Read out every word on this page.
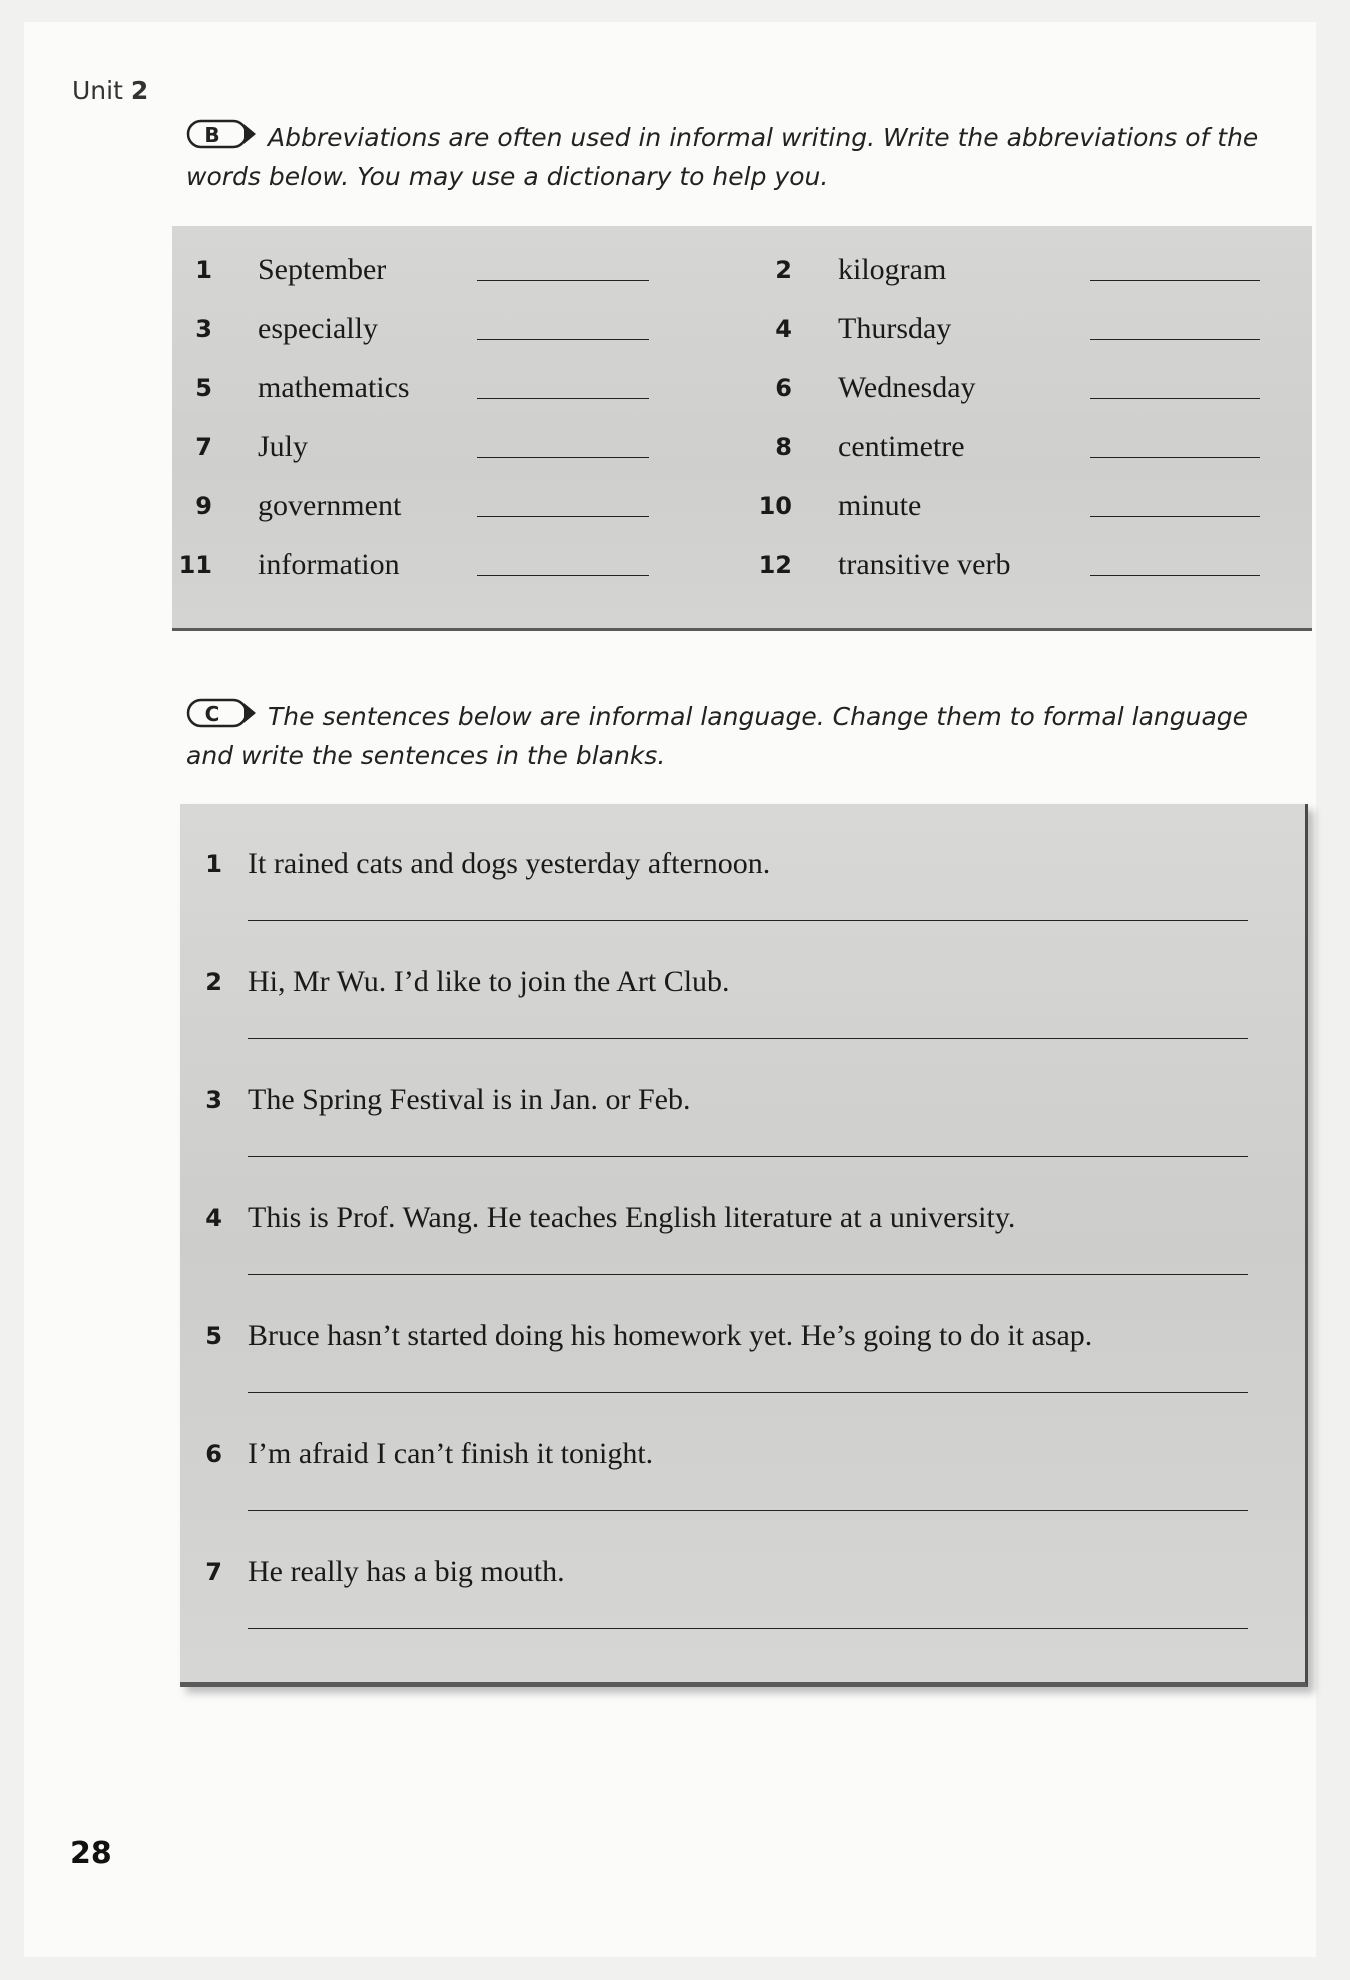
Unit 2
B Abbreviations are often used in informal writing. Write the abbreviations of the words below. You may use a dictionary to help you.
1 September	2 kilogram
3 especially	4 Thursday
5 mathematics	6 Wednesday
7 July	8 centimetre
9 government	10 minute
11 information	12 transitive verb
C The sentences below are informal language. Change them to formal language and write the sentences in the blanks.
1 It rained cats and dogs yesterday afternoon.
2 Hi, Mr Wu. I’d like to join the Art Club.
3 The Spring Festival is in Jan. or Feb.
4 This is Prof. Wang. He teaches English literature at a university.
5 Bruce hasn’t started doing his homework yet. He’s going to do it asap.
6 I’m afraid I can’t finish it tonight.
7 He really has a big mouth.
28
